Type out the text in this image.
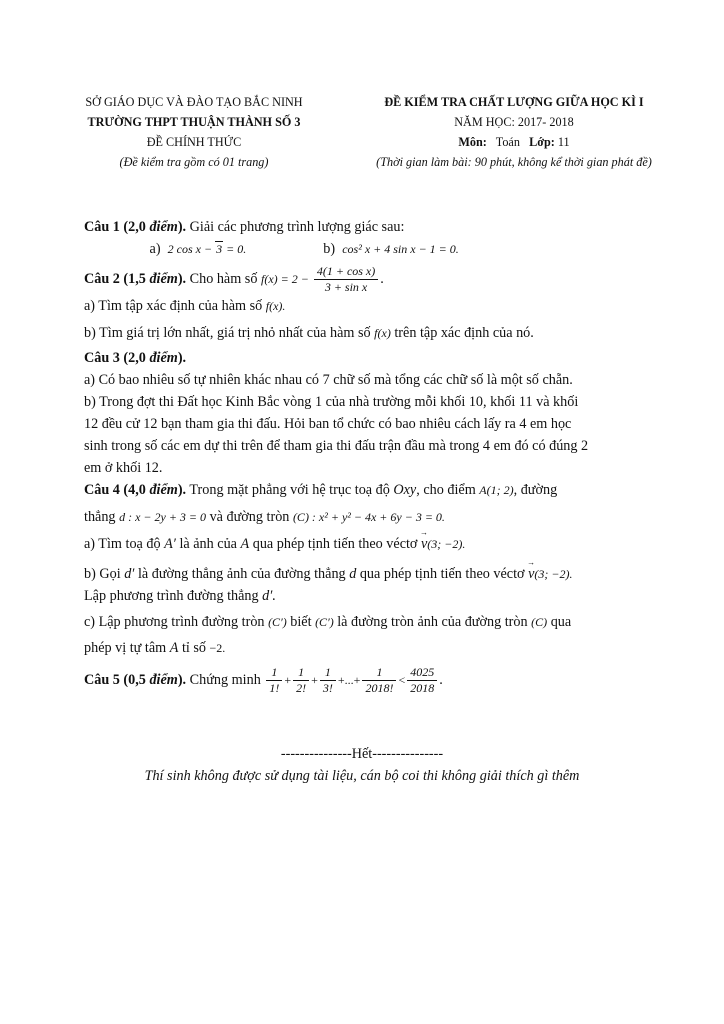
SỞ GIÁO DỤC VÀ ĐÀO TẠO BẮC NINH
TRƯỜNG THPT THUẬN THÀNH SỐ 3
ĐỀ CHÍNH THỨC
(Đề kiểm tra gồm có 01 trang)
ĐỀ KIỂM TRA CHẤT LƯỢNG GIỮA HỌC KÌ I
NĂM HỌC: 2017- 2018
Môn: Toán Lớp: 11
(Thời gian làm bài: 90 phút, không kể thời gian phát đề)
Câu 1 (2,0 điểm). Giải các phương trình lượng giác sau:
a) 2 cos x − 3 = 0.	b) cos² x + 4 sin x − 1 = 0.
Câu 2 (1,5 điểm). Cho hàm số $f(x) = 2 - \frac{\text{4(1 + cos x)}}{\text{3 + sin x}}$ .
a) Tìm tập xác định của hàm số f(x).
b) Tìm giá trị lớn nhất, giá trị nhỏ nhất của hàm số f(x) trên tập xác định của nó.
Câu 3 (2,0 điểm).
a) Có bao nhiêu số tự nhiên khác nhau có 7 chữ số mà tổng các chữ số là một số chẵn.
b) Trong đợt thi Đất học Kinh Bắc vòng 1 của nhà trường mỗi khối 10, khối 11 và khối
12 đều cử 12 bạn tham gia thi đấu. Hỏi ban tổ chức có bao nhiêu cách lấy ra 4 em học
sinh trong số các em dự thi trên để tham gia thi đấu trận đầu mà trong 4 em đó có đúng 2
em ở khối 12.
Câu 4 (4,0 điểm). Trong mặt phẳng với hệ trục toạ độ Oxy, cho điểm A(1; 2), đường
thẳng d : x − 2y + 3 = 0 và đường tròn (C) : x² + y² − 4x + 6y − 3 = 0.
a) Tìm toạ độ A′ là ảnh của A qua phép tịnh tiến theo véctơ → v(3; −2).
b) Gọi d′ là đường thẳng ảnh của đường thẳng d qua phép tịnh tiến theo véctơ → v(3; −2).
Lập phương trình đường thẳng d′.
c) Lập phương trình đường tròn (C′) biết (C′) là đường tròn ảnh của đường tròn (C) qua
phép vị tự tâm A tỉ số −2.
Câu 5 (0,5 điểm). Chứng minh $\frac{1}{1!} + \frac{1}{2!} + \frac{1}{3!}$ +...+ $\frac{1}{2018!} < \frac{4025}{2018}$ .
---------------Hết---------------
Thí sinh không được sử dụng tài liệu, cán bộ coi thi không giải thích gì thêm
